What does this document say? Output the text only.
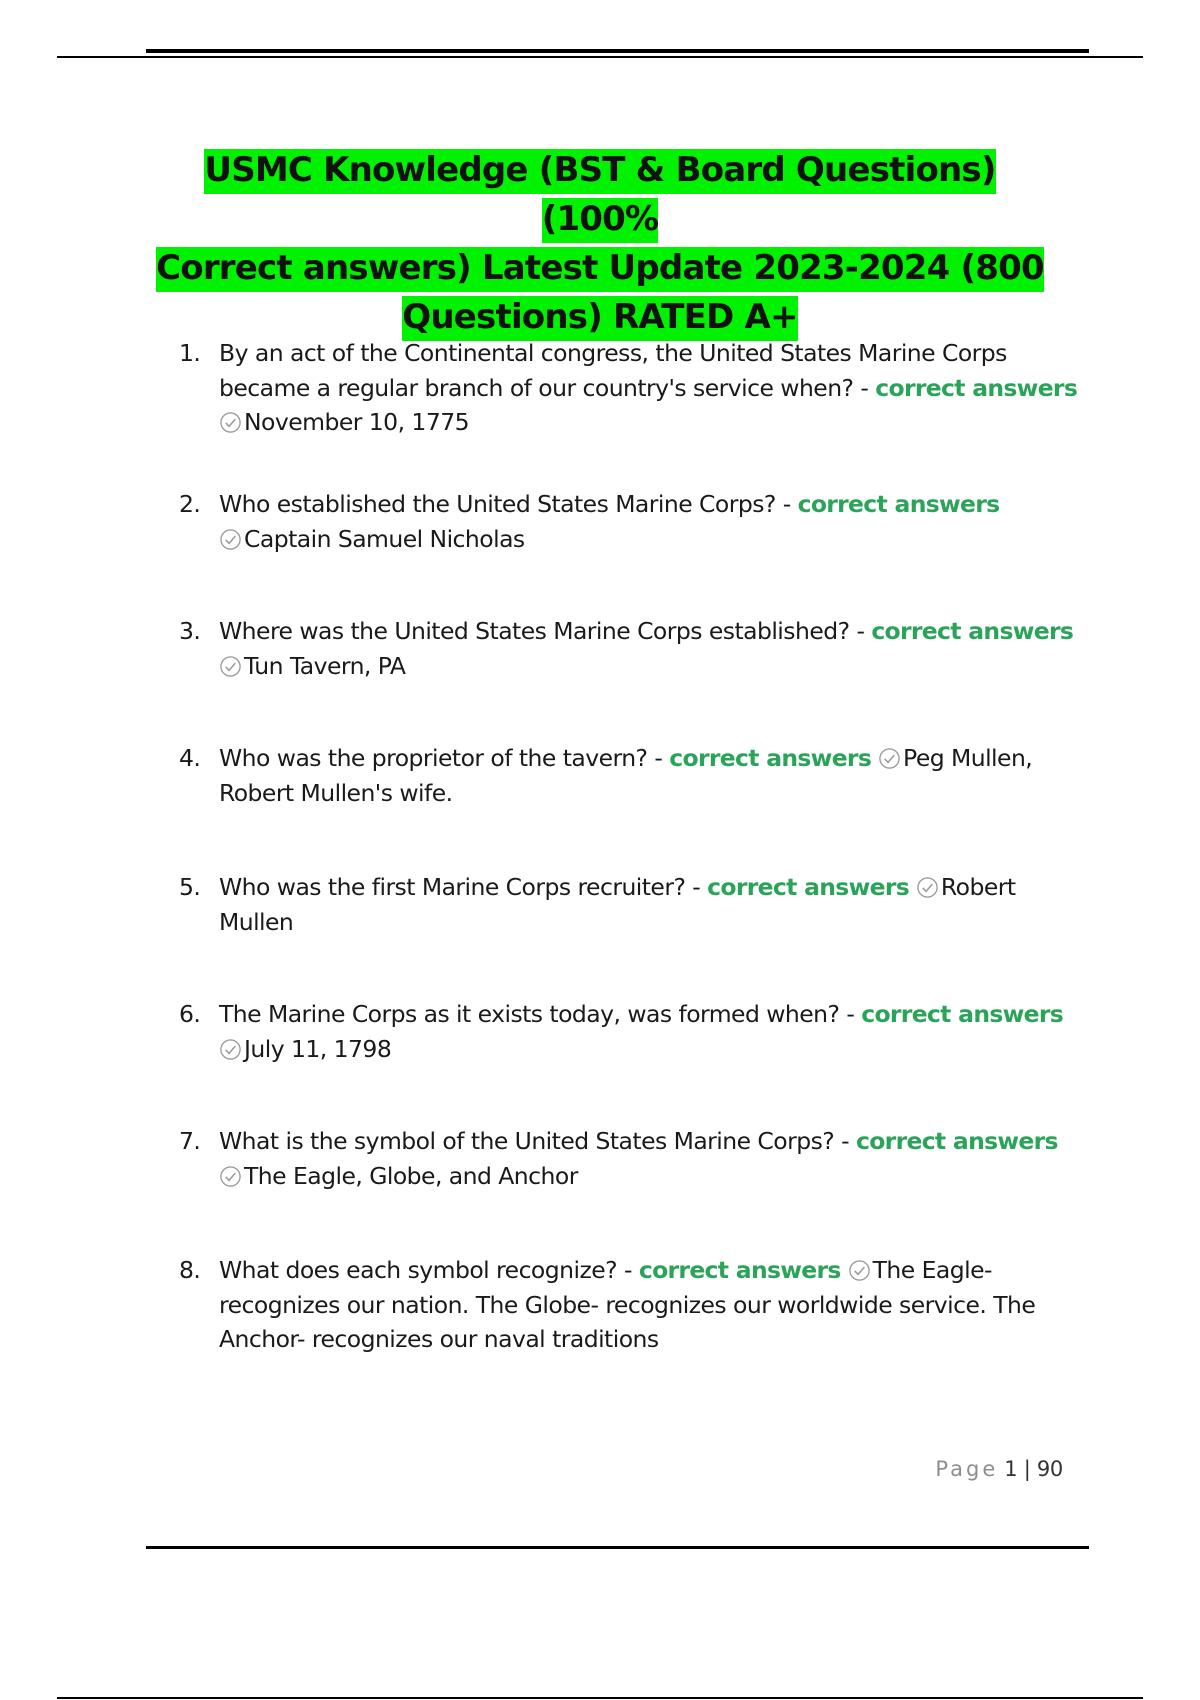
USMC Knowledge (BST & Board Questions) (100%
Correct answers) Latest Update 2023-2024 (800
Questions) RATED A+
1. By an act of the Continental congress, the United States Marine Corps became a regular branch of our country's service when? - correct answers
November 10, 1775
2. Who established the United States Marine Corps? - correct answers
Captain Samuel Nicholas
3. Where was the United States Marine Corps established? - correct answers
Tun Tavern, PA
4. Who was the proprietor of the tavern? - correct answers Peg Mullen, Robert Mullen's wife.
5. Who was the first Marine Corps recruiter? - correct answers Robert Mullen
6. The Marine Corps as it exists today, was formed when? - correct answers
July 11, 1798
7. What is the symbol of the United States Marine Corps? - correct answers
The Eagle, Globe, and Anchor
8. What does each symbol recognize? - correct answers The Eagle- recognizes our nation. The Globe- recognizes our worldwide service. The Anchor- recognizes our naval traditions
Page 1 | 90
